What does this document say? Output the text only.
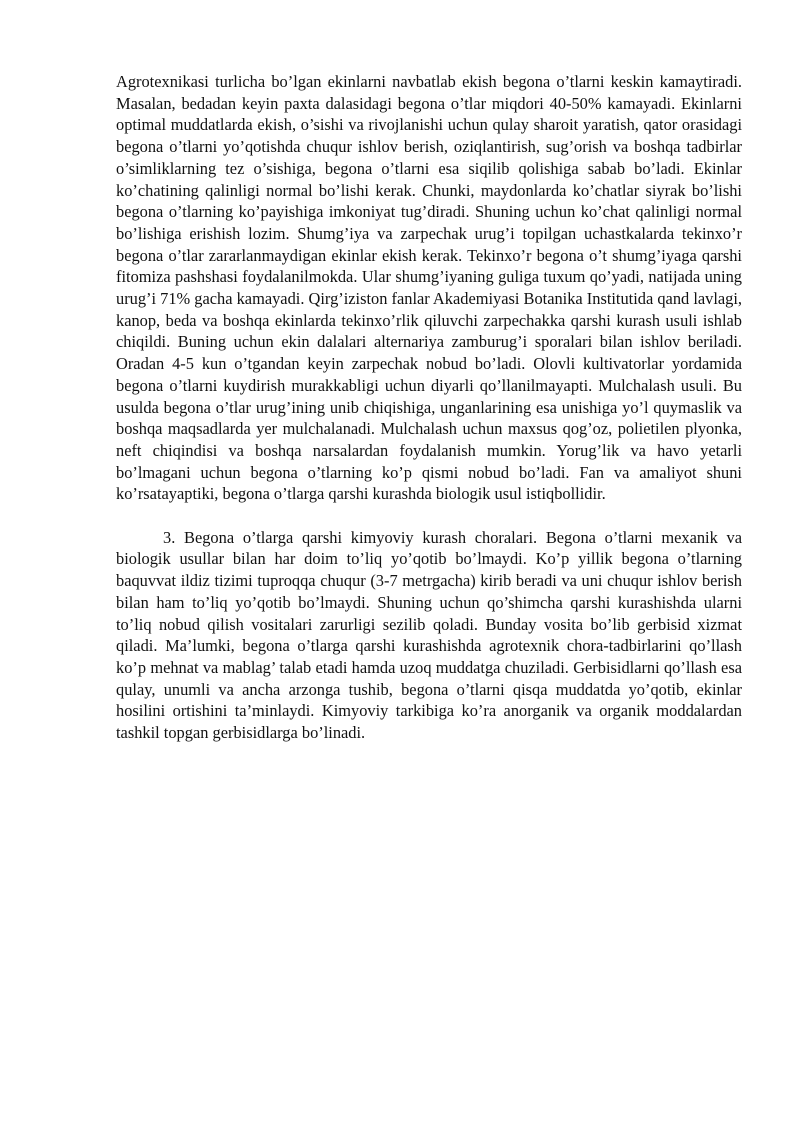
Agrotexnikasi turlicha bo’lgan ekinlarni navbatlab ekish begona o’tlarni keskin kamaytiradi. Masalan, bedadan keyin paxta dalasidagi begona o’tlar miqdori 40-50% kamayadi. Ekinlarni optimal muddatlarda ekish, o’sishi va rivojlanishi uchun qulay sharoit yaratish, qator orasidagi begona o’tlarni yo’qotishda chuqur ishlov berish, oziqlantirish, sug’orish va boshqa tadbirlar o’simliklarning tez o’sishiga, begona o’tlarni esa siqilib qolishiga sabab bo’ladi. Ekinlar ko’chatining qalinligi normal bo’lishi kerak. Chunki, maydonlarda ko’chatlar siyrak bo’lishi begona o’tlarning ko’payishiga imkoniyat tug’diradi. Shuning uchun ko’chat qalinligi normal bo’lishiga erishish lozim. Shumg’iya va zarpechak urug’i topilgan uchastkalarda tekinxo’r begona o’tlar zararlanmaydigan ekinlar ekish kerak. Tekinxo’r begona o’t shumg’iyaga qarshi fitomiza pashshasi foydalanilmokda. Ular shumg’iyaning guliga tuxum qo’yadi, natijada uning urug’i 71% gacha kamayadi. Qirg’iziston fanlar Akademiyasi Botanika Institutida qand lavlagi, kanop, beda va boshqa ekinlarda tekinxo’rlik qiluvchi zarpechakka qarshi kurash usuli ishlab chiqildi. Buning uchun ekin dalalari alternariya zamburug’i sporalari bilan ishlov beriladi. Oradan 4-5 kun o’tgandan keyin zarpechak nobud bo’ladi. Olovli kultivatorlar yordamida begona o’tlarni kuydirish murakkabligi uchun diyarli qo’llanilmayapti. Mulchalash usuli. Bu usulda begona o’tlar urug’ining unib chiqishiga, unganlarining esa unishiga yo’l quymaslik va boshqa maqsadlarda yer mulchalanadi. Mulchalash uchun maxsus qog’oz, polietilen plyonka, neft chiqindisi va boshqa narsalardan foydalanish mumkin. Yorug’lik va havo yetarli bo’lmagani uchun begona o’tlarning ko’p qismi nobud bo’ladi. Fan va amaliyot shuni ko’rsatayaptiki, begona o’tlarga qarshi kurashda biologik usul istiqbollidir.

3. Begona o’tlarga qarshi kimyoviy kurash choralari. Begona o’tlarni mexanik va biologik usullar bilan har doim to’liq yo’qotib bo’lmaydi. Ko’p yillik begona o’tlarning baquvvat ildiz tizimi tuproqqa chuqur (3-7 metrgacha) kirib beradi va uni chuqur ishlov berish bilan ham to’liq yo’qotib bo’lmaydi. Shuning uchun qo’shimcha qarshi kurashishda ularni to’liq nobud qilish vositalari zarurligi sezilib qoladi. Bunday vosita bo’lib gerbisid xizmat qiladi. Ma’lumki, begona o’tlarga qarshi kurashishda agrotexnik chora-tadbirlarini qo’llash ko’p mehnat va mablag’ talab etadi hamda uzoq muddatga chuziladi. Gerbisidlarni qo’llash esa qulay, unumli va ancha arzonga tushib, begona o’tlarni qisqa muddatda yo’qotib, ekinlar hosilini ortishini ta’minlaydi. Kimyoviy tarkibiga ko’ra anorganik va organik moddalardan tashkil topgan gerbisidlarga bo’linadi.
